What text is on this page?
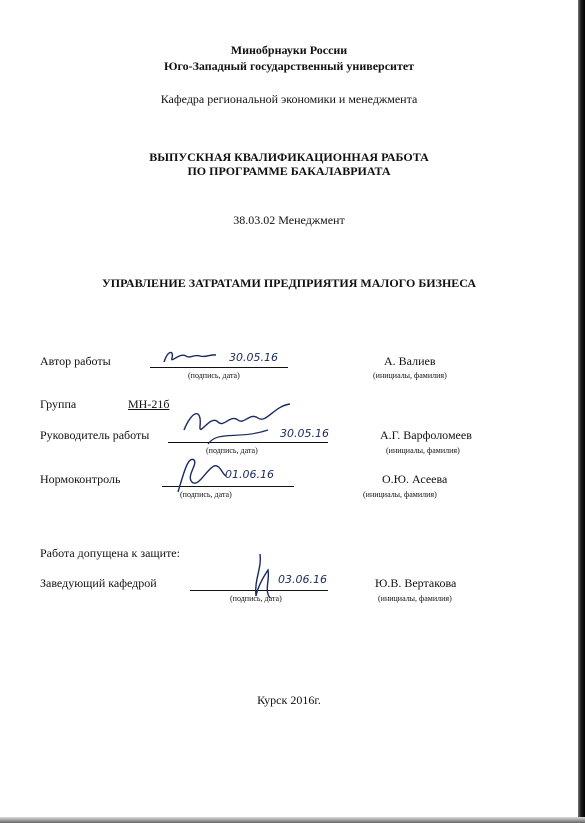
Минобрнауки России
Юго-Западный государственный университет
Кафедра региональной экономики и менеджмента
ВЫПУСКНАЯ КВАЛИФИКАЦИОННАЯ РАБОТА
ПО ПРОГРАММЕ БАКАЛАВРИАТА
38.03.02 Менеджмент
УПРАВЛЕНИЕ ЗАТРАТАМИ ПРЕДПРИЯТИЯ МАЛОГО БИЗНЕСА
Автор работы	30.05.16
(подпись, дата)
А. Валиев
(инициалы, фамилия)
Группа	МН-21б
Руководитель работы	30.05.16
(подпись, дата)
А.Г. Варфоломеев
(инициалы, фамилия)
Нормоконтроль	01.06.16
(подпись, дата)
О.Ю. Асеева
(инициалы, фамилия)
Работа допущена к защите:
Заведующий кафедрой	03.06.16
(подпись, дата)
Ю.В. Вертакова
(инициалы, фамилия)
Курск 2016г.
